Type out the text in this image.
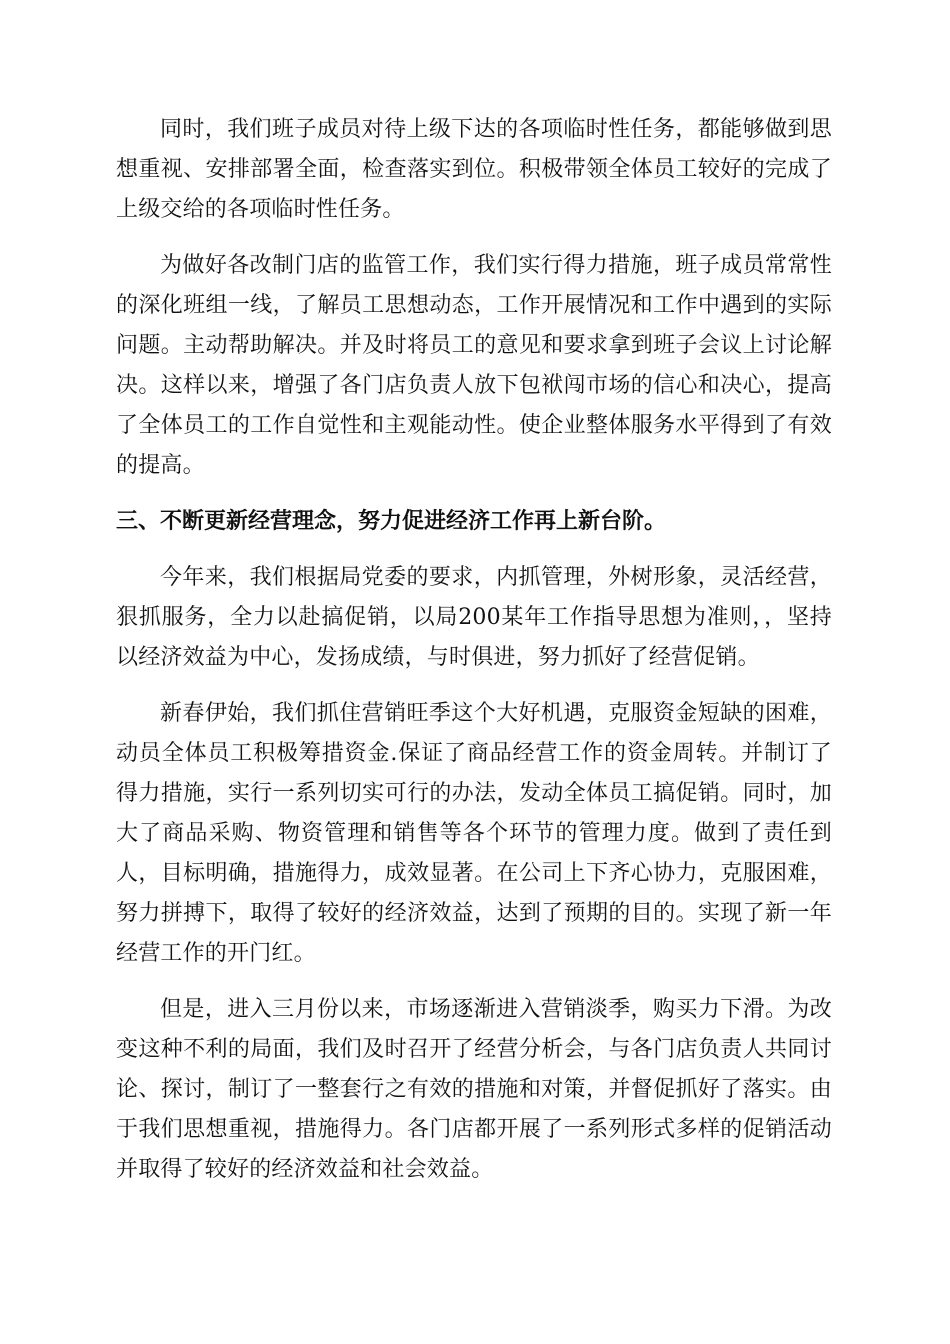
同时，我们班子成员对待上级下达的各项临时性任务，都能够做到思想重视、安排部署全面，检查落实到位。积极带领全体员工较好的完成了上级交给的各项临时性任务。

为做好各改制门店的监管工作，我们实行得力措施，班子成员常常性的深化班组一线，了解员工思想动态，工作开展情况和工作中遇到的实际问题。主动帮助解决。并及时将员工的意见和要求拿到班子会议上讨论解决。这样以来，增强了各门店负责人放下包袱闯市场的信心和决心，提高了全体员工的工作自觉性和主观能动性。使企业整体服务水平得到了有效的提高。

三、不断更新经营理念，努力促进经济工作再上新台阶。

今年来，我们根据局党委的要求，内抓管理，外树形象，灵活经营，狠抓服务，全力以赴搞促销，以局200某年工作指导思想为准则，，坚持以经济效益为中心，发扬成绩，与时俱进，努力抓好了经营促销。

新春伊始，我们抓住营销旺季这个大好机遇，克服资金短缺的困难，动员全体员工积极筹措资金.保证了商品经营工作的资金周转。并制订了得力措施，实行一系列切实可行的办法，发动全体员工搞促销。同时，加大了商品采购、物资管理和销售等各个环节的管理力度。做到了责任到人，目标明确，措施得力，成效显著。在公司上下齐心协力，克服困难，努力拼搏下，取得了较好的经济效益，达到了预期的目的。实现了新一年经营工作的开门红。

但是，进入三月份以来，市场逐渐进入营销淡季，购买力下滑。为改变这种不利的局面，我们及时召开了经营分析会，与各门店负责人共同讨论、探讨，制订了一整套行之有效的措施和对策，并督促抓好了落实。由于我们思想重视，措施得力。各门店都开展了一系列形式多样的促销活动并取得了较好的经济效益和社会效益。
